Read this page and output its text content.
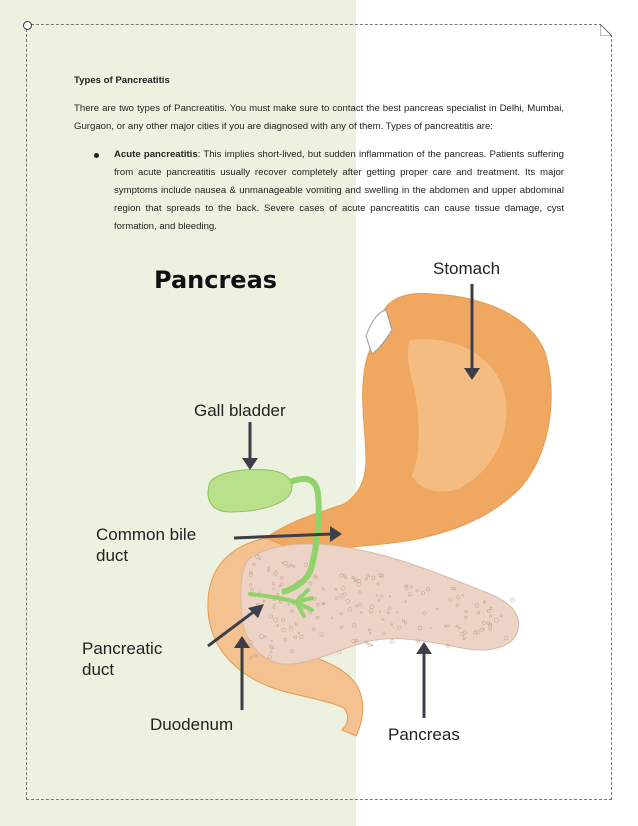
Types of Pancreatitis

There are two types of Pancreatitis. You must make sure to contact the best pancreas specialist in Delhi, Mumbai, Gurgaon, or any other major cities if you are diagnosed with any of them. Types of pancreatitis are:

Acute pancreatitis: This implies short-lived, but sudden inflammation of the pancreas. Patients suffering from acute pancreatitis usually recover completely after getting proper care and treatment. Its major symptoms include nausea & unmanageable vomiting and swelling in the abdomen and upper abdominal region that spreads to the back. Severe cases of acute pancreatitis can cause tissue damage, cyst formation, and bleeding.
Pancreas	Stomach
Gall bladder
Common bile
duct
Pancreatic
duct
Duodenum
Pancreas
